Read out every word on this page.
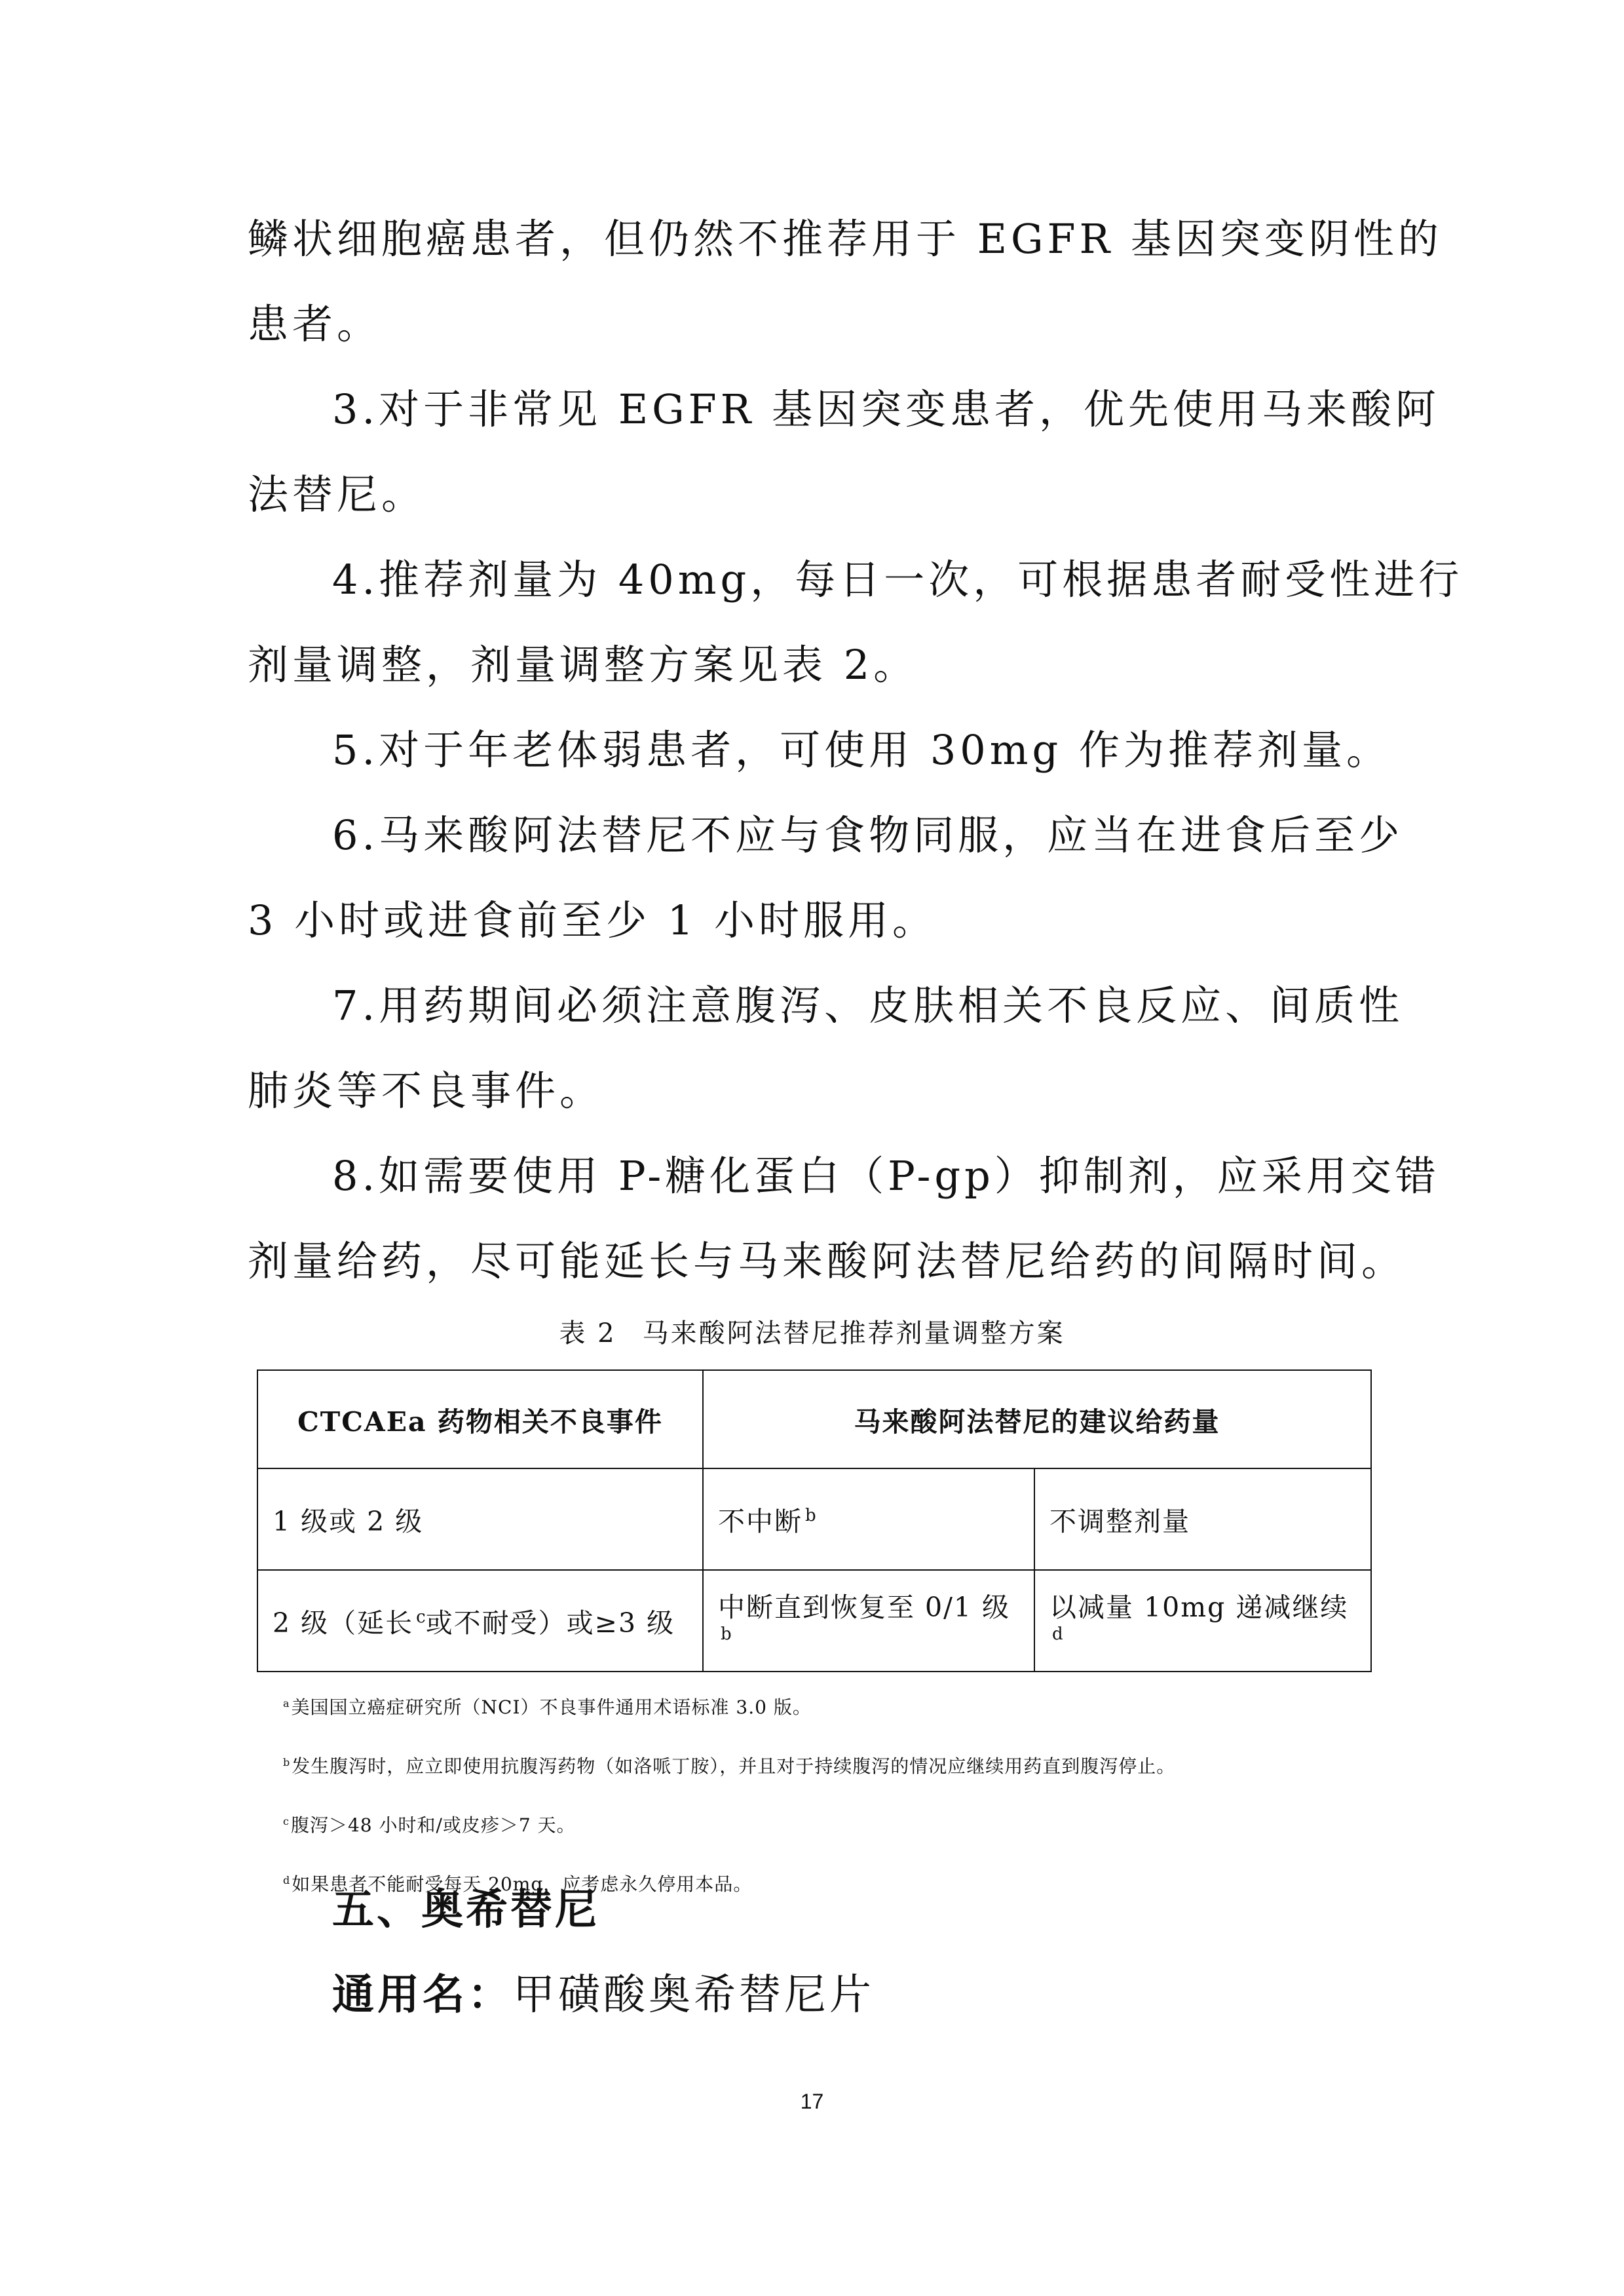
鳞状细胞癌患者，但仍然不推荐用于 EGFR 基因突变阴性的

患者。

3.对于非常见 EGFR 基因突变患者，优先使用马来酸阿

法替尼。

4.推荐剂量为 40mg，每日一次，可根据患者耐受性进行

剂量调整，剂量调整方案见表 2。

5.对于年老体弱患者，可使用 30mg 作为推荐剂量。

6.马来酸阿法替尼不应与食物同服，应当在进食后至少

3 小时或进食前至少 1 小时服用。

7.用药期间必须注意腹泻、皮肤相关不良反应、间质性

肺炎等不良事件。

8.如需要使用 P-糖化蛋白（P-gp）抑制剂，应采用交错

剂量给药，尽可能延长与马来酸阿法替尼给药的间隔时间。

表 2 马来酸阿法替尼推荐剂量调整方案
CTCAEa 药物相关不良事件	马来酸阿法替尼的建议给药量	
1 级或 2 级	不中断 $^b$	不调整剂量
2 级（延长 $^c$或不耐受）或≥3 级	中断直到恢复至 0/1 级$^b$	以减量 10mg 递减继续$^d$

$^a$美国国立癌症研究所（NCI）不良事件通用术语标准 3.0 版。

$^b$发生腹泻时，应立即使用抗腹泻药物（如洛哌丁胺），并且对于持续腹泻的情况应继续用药直到腹泻停止。

$^c$腹泻＞48 小时和/或皮疹＞7 天。

$^d$如果患者不能耐受每天 20mg，应考虑永久停用本品。

五、奥希替尼

通用名：甲磺酸奥希替尼片

17
